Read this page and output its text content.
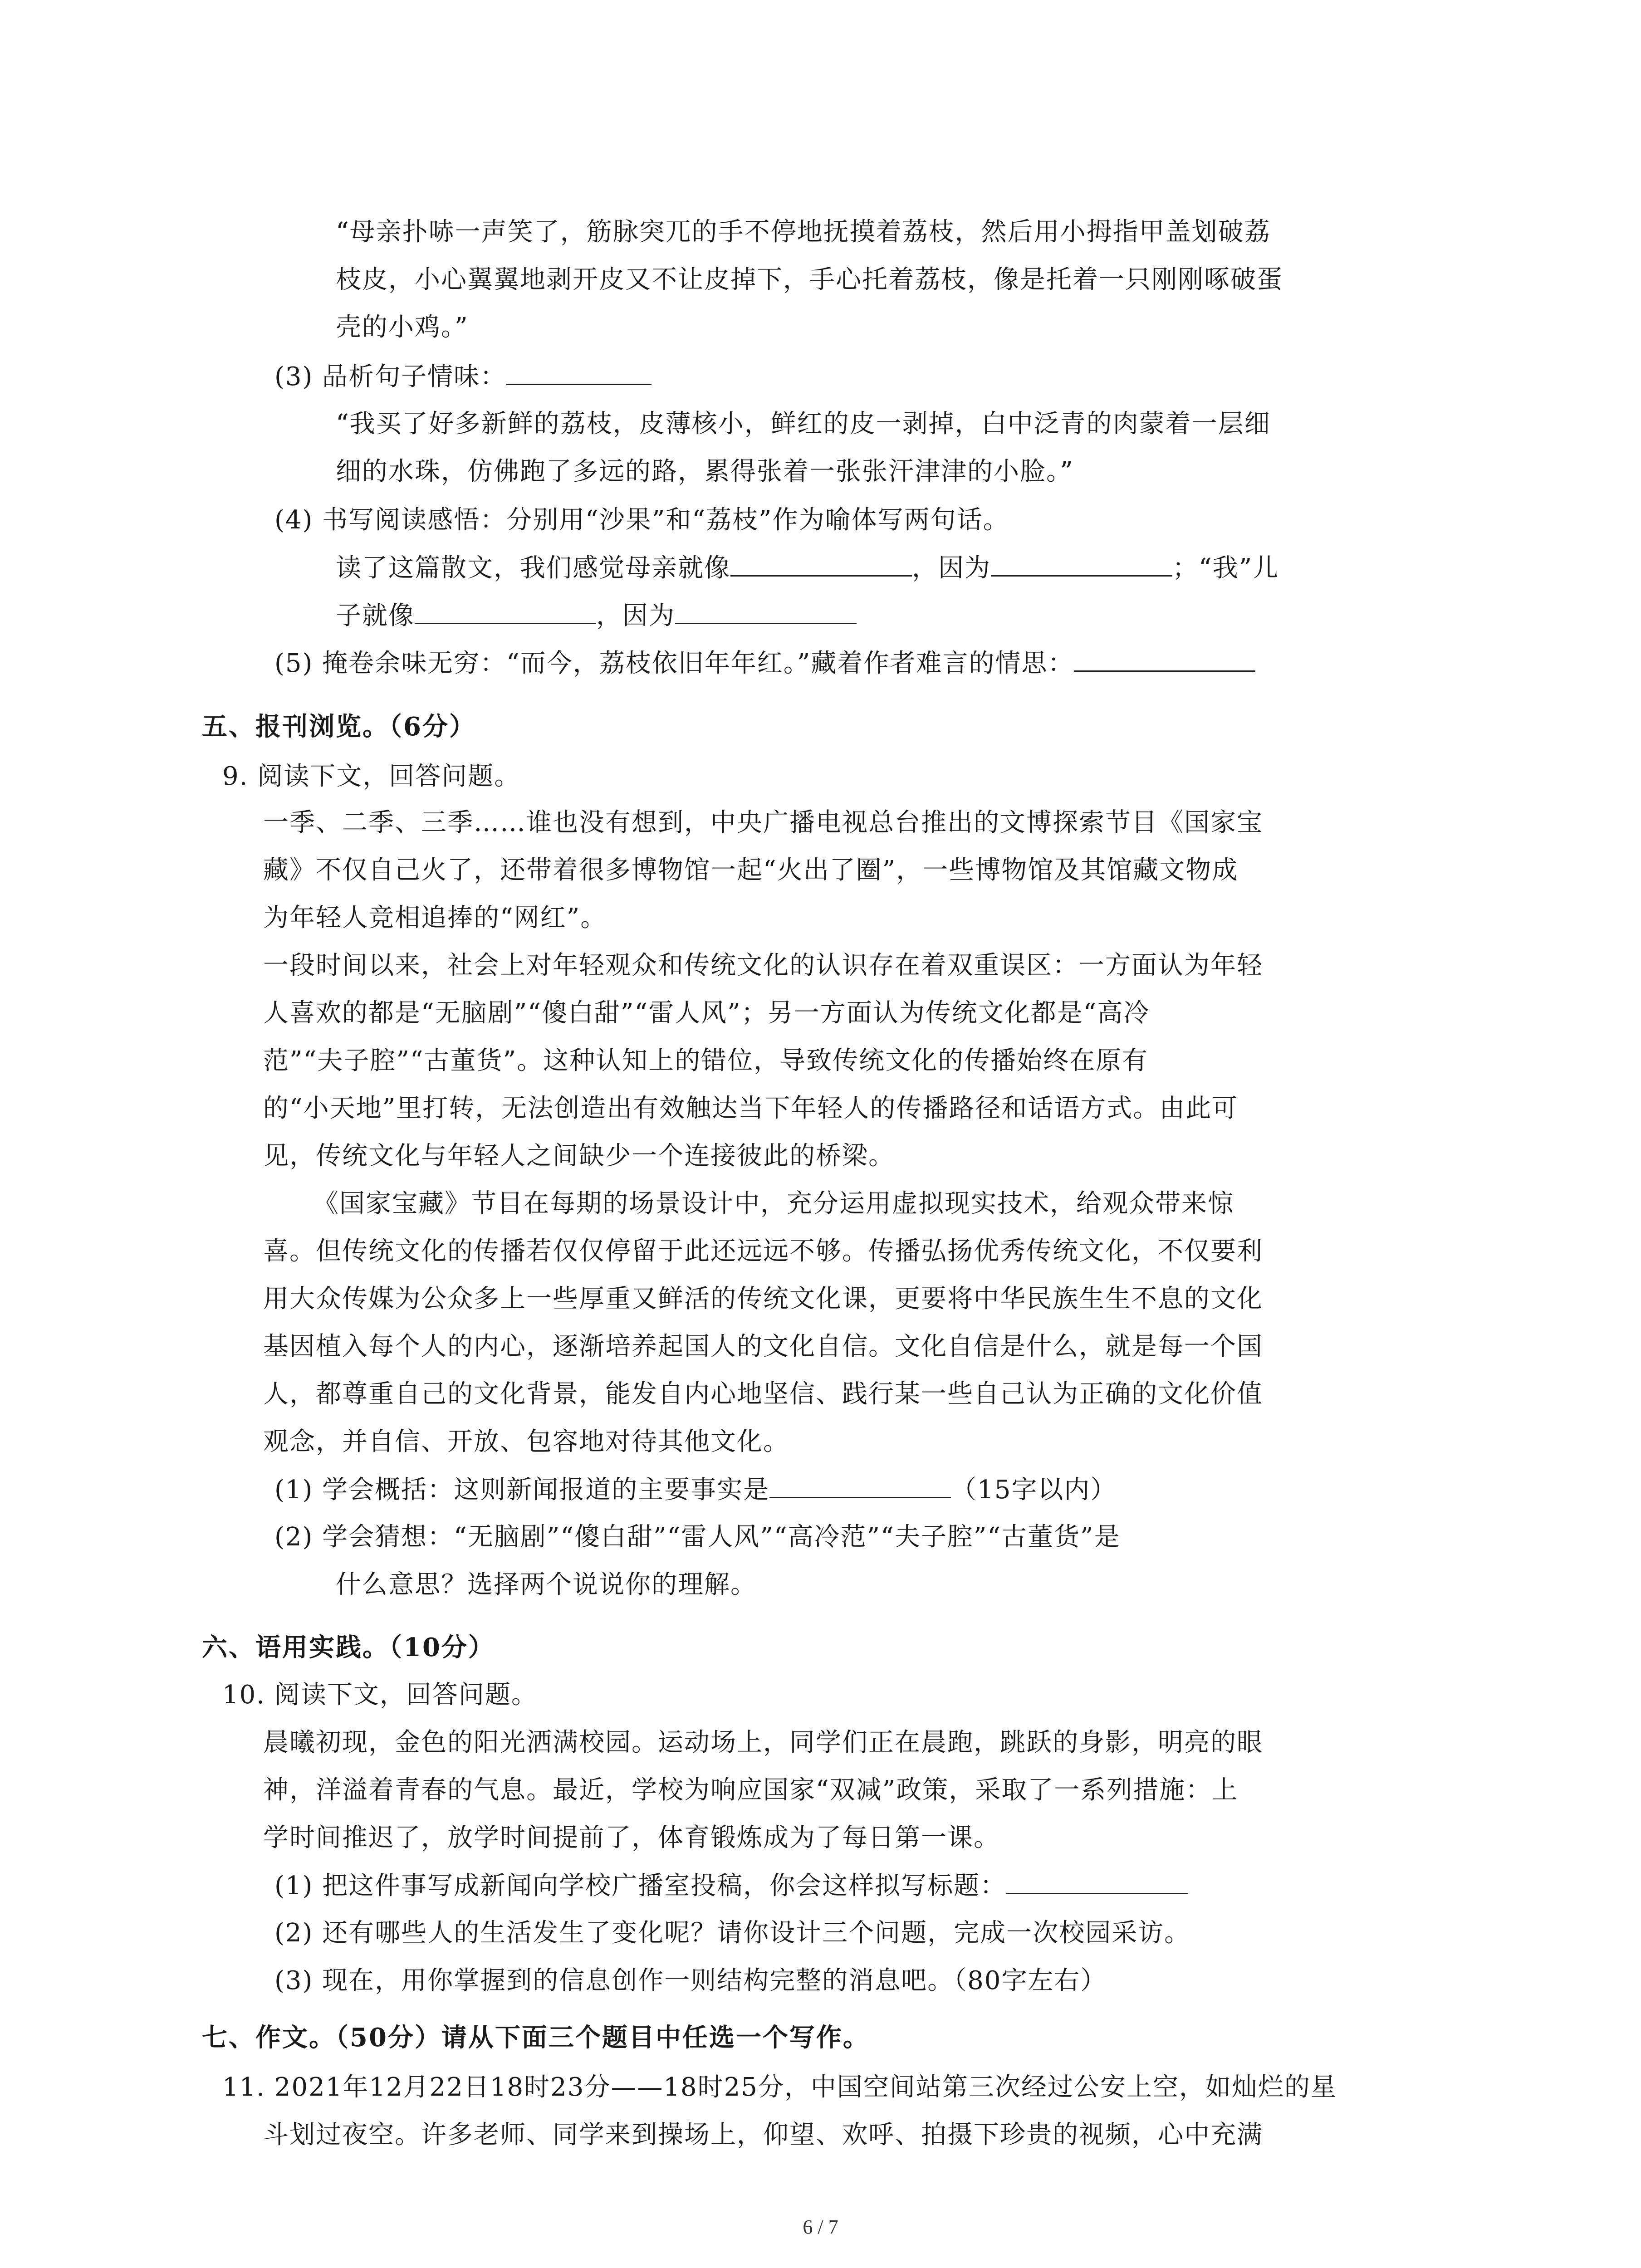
“母亲扑哧一声笑了，筋脉突兀的手不停地抚摸着荔枝，然后用小拇指甲盖划破荔
枝皮，小心翼翼地剥开皮又不让皮掉下，手心托着荔枝，像是托着一只刚刚啄破蛋
壳的小鸡。”
(3) 品析句子情味：
“我买了好多新鲜的荔枝，皮薄核小，鲜红的皮一剥掉，白中泛青的肉蒙着一层细
细的水珠，仿佛跑了多远的路，累得张着一张张汗津津的小脸。”
(4) 书写阅读感悟：分别用“沙果”和“荔枝”作为喻体写两句话。
读了这篇散文，我们感觉母亲就像	，因为	；“我”儿
子就像	，因为
(5) 掩卷余味无穷：“而今，荔枝依旧年年红。”藏着作者难言的情思：
五、报刊浏览。（6分）
9. 阅读下文，回答问题。
一季、二季、三季……谁也没有想到，中央广播电视总台推出的文博探索节目《国家宝
藏》不仅自己火了，还带着很多博物馆一起“火出了圈”，一些博物馆及其馆藏文物成
为年轻人竞相追捧的“网红”。
一段时间以来，社会上对年轻观众和传统文化的认识存在着双重误区：一方面认为年轻
人喜欢的都是“无脑剧”“傻白甜”“雷人风”；另一方面认为传统文化都是“高冷
范”“夫子腔”“古董货”。这种认知上的错位，导致传统文化的传播始终在原有
的“小天地”里打转，无法创造出有效触达当下年轻人的传播路径和话语方式。由此可
见，传统文化与年轻人之间缺少一个连接彼此的桥梁。
《国家宝藏》节目在每期的场景设计中，充分运用虚拟现实技术，给观众带来惊
喜。但传统文化的传播若仅仅停留于此还远远不够。传播弘扬优秀传统文化，不仅要利
用大众传媒为公众多上一些厚重又鲜活的传统文化课，更要将中华民族生生不息的文化
基因植入每个人的内心，逐渐培养起国人的文化自信。文化自信是什么，就是每一个国
人，都尊重自己的文化背景，能发自内心地坚信、践行某一些自己认为正确的文化价值
观念，并自信、开放、包容地对待其他文化。
(1) 学会概括：这则新闻报道的主要事实是	（15字以内）
(2) 学会猜想：“无脑剧”“傻白甜”“雷人风”“高冷范”“夫子腔”“古董货”是
什么意思？选择两个说说你的理解。
六、语用实践。（10分）
10. 阅读下文，回答问题。
晨曦初现，金色的阳光洒满校园。运动场上，同学们正在晨跑，跳跃的身影，明亮的眼
神，洋溢着青春的气息。最近，学校为响应国家“双减”政策，采取了一系列措施：上
学时间推迟了，放学时间提前了，体育锻炼成为了每日第一课。
(1) 把这件事写成新闻向学校广播室投稿，你会这样拟写标题：
(2) 还有哪些人的生活发生了变化呢？请你设计三个问题，完成一次校园采访。
(3) 现在，用你掌握到的信息创作一则结构完整的消息吧。（80字左右）
七、作文。（50分）请从下面三个题目中任选一个写作。
11. 2021年12月22日18时23分——18时25分，中国空间站第三次经过公安上空，如灿烂的星
斗划过夜空。许多老师、同学来到操场上，仰望、欢呼、拍摄下珍贵的视频，心中充满
6 / 7
